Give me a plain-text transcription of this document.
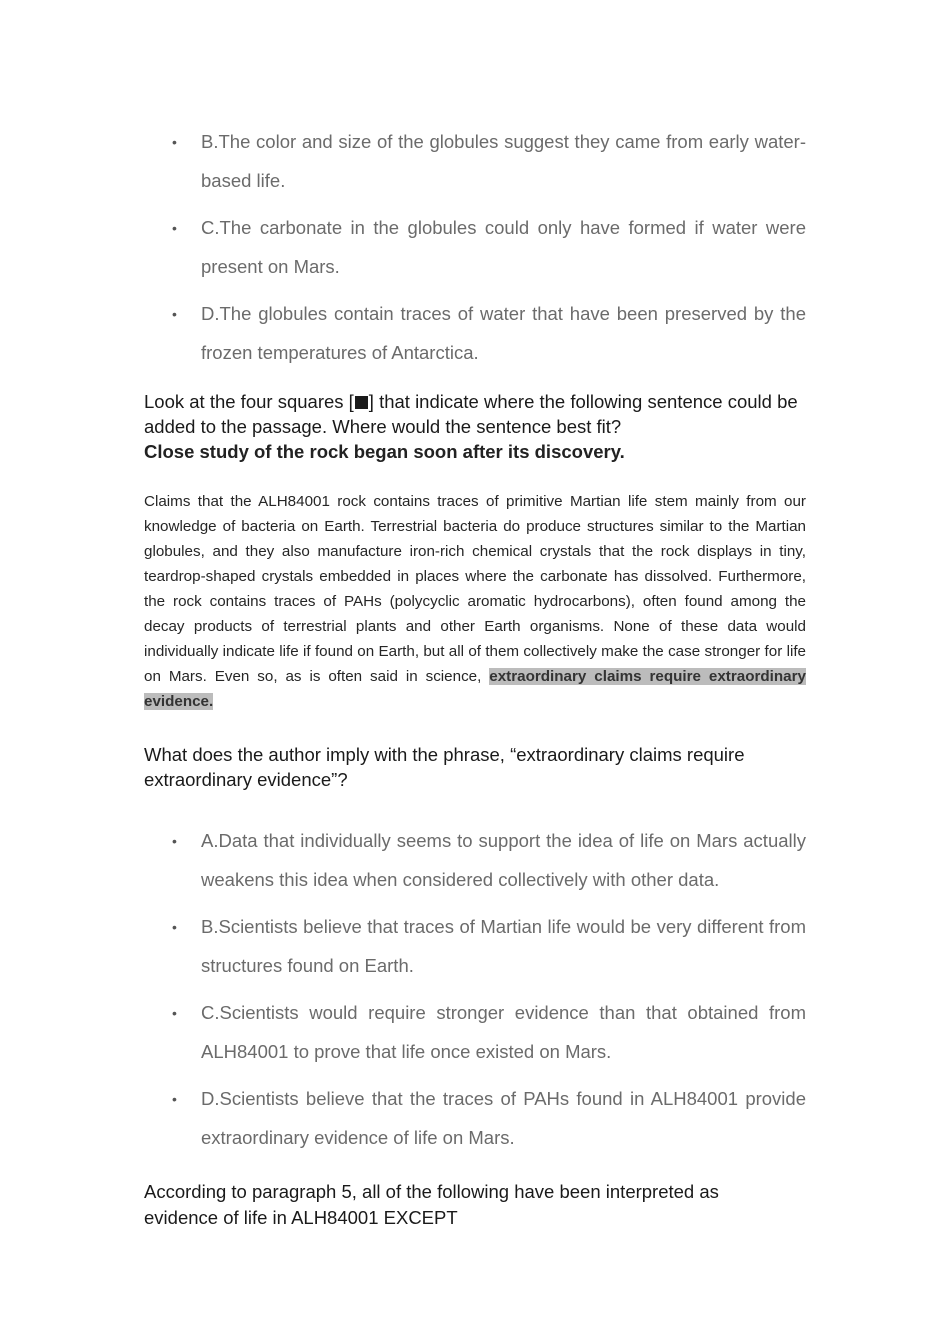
• B.The color and size of the globules suggest they came from early water-based life.
• C.The carbonate in the globules could only have formed if water were present on Mars.
• D.The globules contain traces of water that have been preserved by the frozen temperatures of Antarctica.
Look at the four squares [ ] that indicate where the following sentence could be added to the passage. Where would the sentence best fit?
Close study of the rock began soon after its discovery.
Claims that the ALH84001 rock contains traces of primitive Martian life stem mainly from our knowledge of bacteria on Earth. Terrestrial bacteria do produce structures similar to the Martian globules, and they also manufacture iron-rich chemical crystals that the rock displays in tiny, teardrop-shaped crystals embedded in places where the carbonate has dissolved. Furthermore, the rock contains traces of PAHs (polycyclic aromatic hydrocarbons), often found among the decay products of terrestrial plants and other Earth organisms. None of these data would individually indicate life if found on Earth, but all of them collectively make the case stronger for life on Mars. Even so, as is often said in science, extraordinary claims require extraordinary evidence.
What does the author imply with the phrase, “extraordinary claims require extraordinary evidence”?
• A.Data that individually seems to support the idea of life on Mars actually weakens this idea when considered collectively with other data.
• B.Scientists believe that traces of Martian life would be very different from structures found on Earth.
• C.Scientists would require stronger evidence than that obtained from ALH84001 to prove that life once existed on Mars.
• D.Scientists believe that the traces of PAHs found in ALH84001 provide extraordinary evidence of life on Mars.
According to paragraph 5, all of the following have been interpreted as evidence of life in ALH84001 EXCEPT
